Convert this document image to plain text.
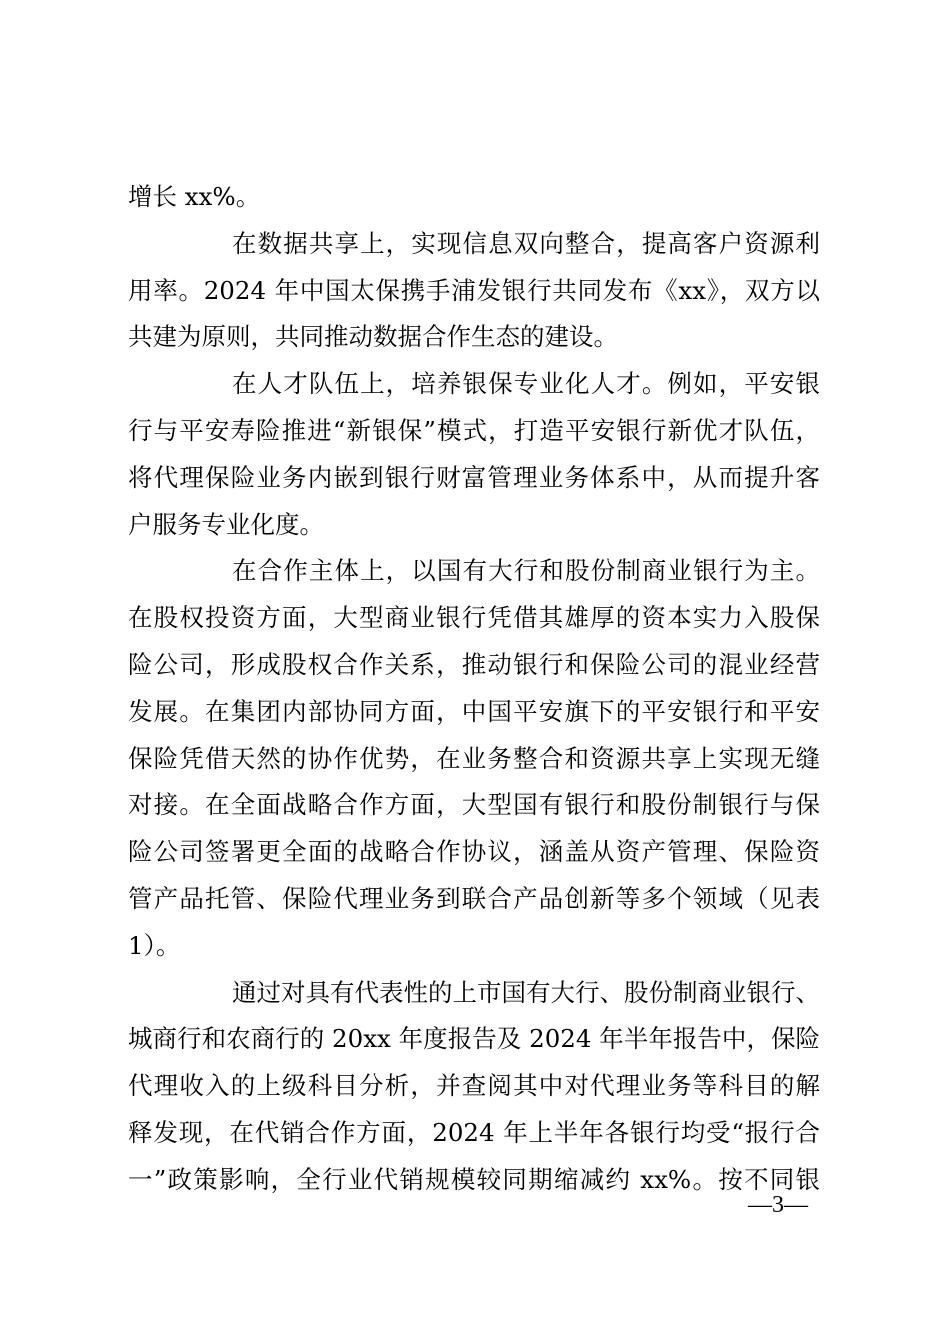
增长 xx%。
在数据共享上，实现信息双向整合，提高客户资源利
用率。2024 年中国太保携手浦发银行共同发布《xx》，双方以
共建为原则，共同推动数据合作生态的建设。
在人才队伍上，培养银保专业化人才。例如，平安银
行与平安寿险推进“新银保”模式，打造平安银行新优才队伍，
将代理保险业务内嵌到银行财富管理业务体系中，从而提升客
户服务专业化度。
在合作主体上，以国有大行和股份制商业银行为主。
在股权投资方面，大型商业银行凭借其雄厚的资本实力入股保
险公司，形成股权合作关系，推动银行和保险公司的混业经营
发展。在集团内部协同方面，中国平安旗下的平安银行和平安
保险凭借天然的协作优势，在业务整合和资源共享上实现无缝
对接。在全面战略合作方面，大型国有银行和股份制银行与保
险公司签署更全面的战略合作协议，涵盖从资产管理、保险资
管产品托管、保险代理业务到联合产品创新等多个领域（见表
1）。
通过对具有代表性的上市国有大行、股份制商业银行、
城商行和农商行的 20xx 年度报告及 2024 年半年报告中，保险
代理收入的上级科目分析，并查阅其中对代理业务等科目的解
释发现，在代销合作方面，2024 年上半年各银行均受“报行合
一”政策影响，全行业代销规模较同期缩减约 xx%。按不同银
—3—
